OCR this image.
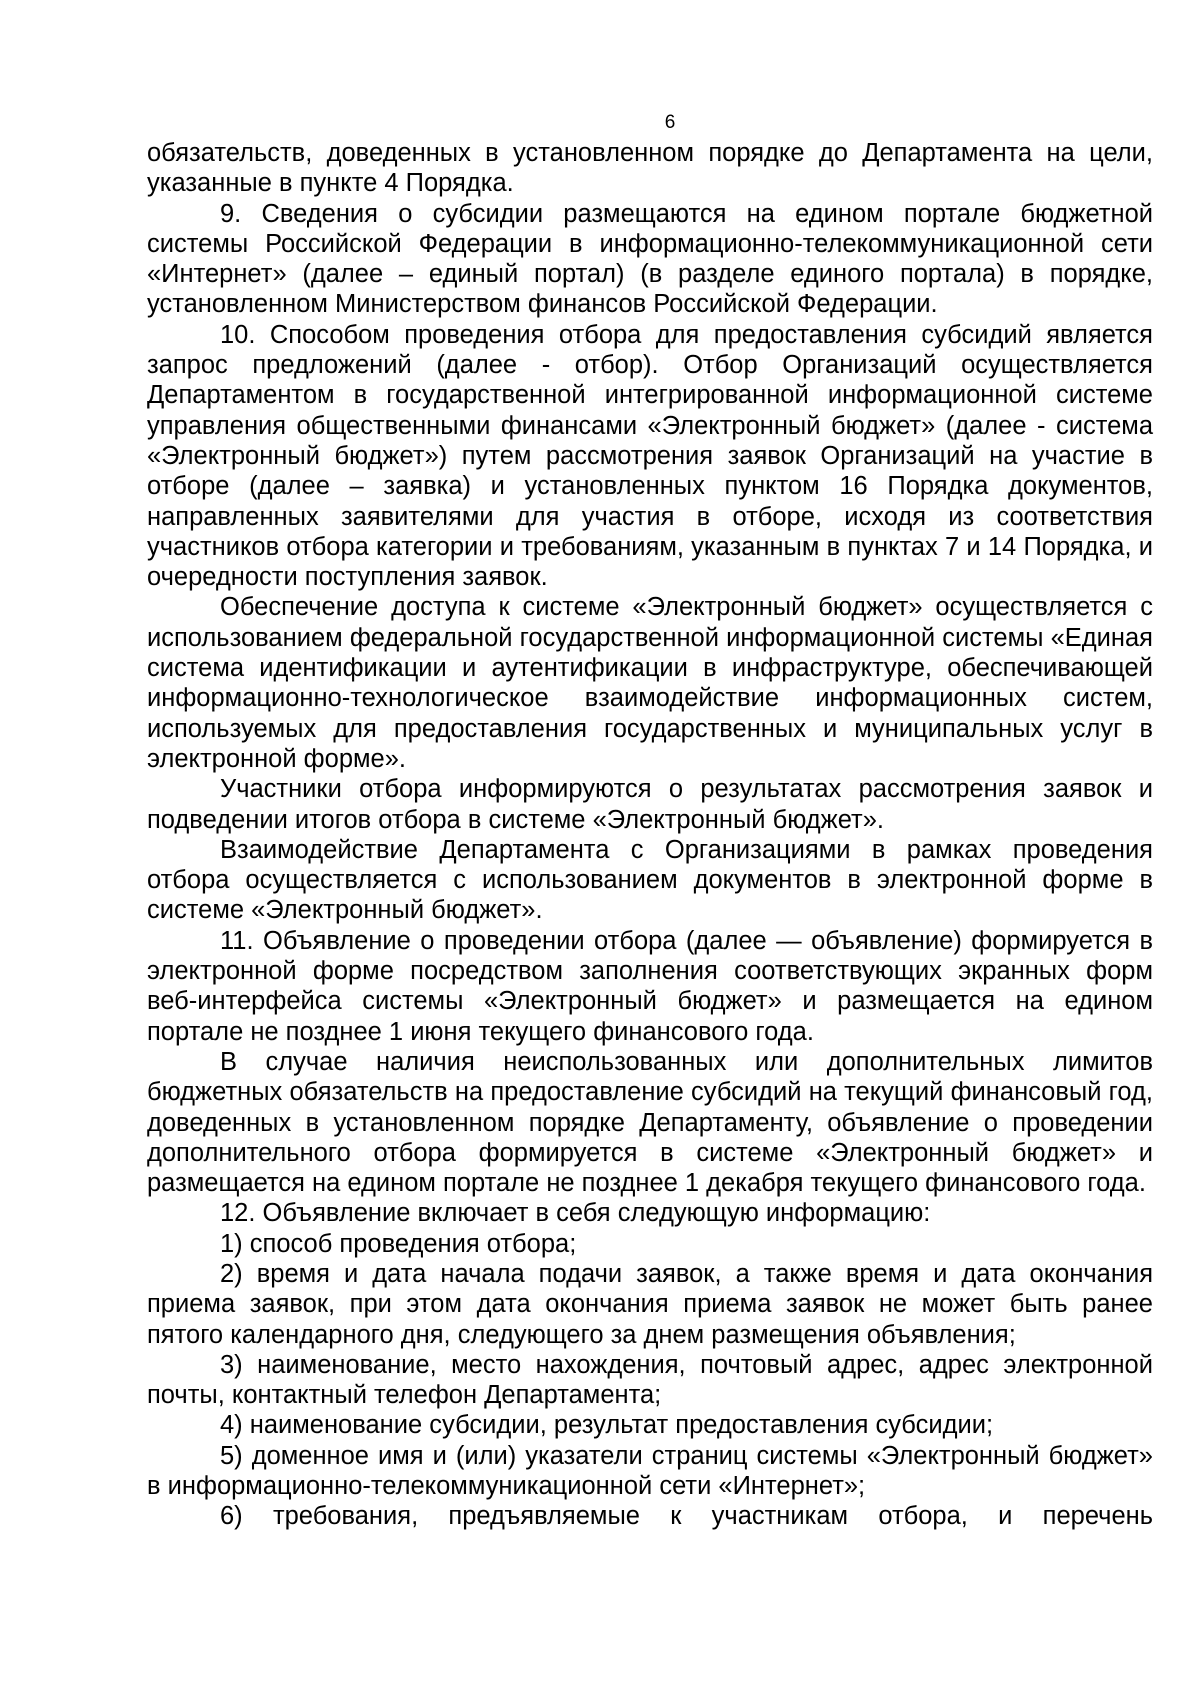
6

обязательств, доведенных в установленном порядке до Департамента на цели, указанные в пункте 4 Порядка.

9. Сведения о субсидии размещаются на едином портале бюджетной системы Российской Федерации в информационно-телекоммуникационной сети «Интернет» (далее – единый портал) (в разделе единого портала) в порядке, установленном Министерством финансов Российской Федерации.

10. Способом проведения отбора для предоставления субсидий является запрос предложений (далее - отбор). Отбор Организаций осуществляется Департаментом в государственной интегрированной информационной системе управления общественными финансами «Электронный бюджет» (далее - система «Электронный бюджет») путем рассмотрения заявок Организаций на участие в отборе (далее – заявка) и установленных пунктом 16 Порядка документов, направленных заявителями для участия в отборе, исходя из соответствия участников отбора категории и требованиям, указанным в пунктах 7 и 14 Порядка, и очередности поступления заявок.

Обеспечение доступа к системе «Электронный бюджет» осуществляется с использованием федеральной государственной информационной системы «Единая система идентификации и аутентификации в инфраструктуре, обеспечивающей информационно-технологическое взаимодействие информационных систем, используемых для предоставления государственных и муниципальных услуг в электронной форме».

Участники отбора информируются о результатах рассмотрения заявок и подведении итогов отбора в системе «Электронный бюджет».

Взаимодействие Департамента с Организациями в рамках проведения отбора осуществляется с использованием документов в электронной форме в системе «Электронный бюджет».

11. Объявление о проведении отбора (далее — объявление) формируется в электронной форме посредством заполнения соответствующих экранных форм веб-интерфейса системы «Электронный бюджет» и размещается на едином портале не позднее 1 июня текущего финансового года.

В случае наличия неиспользованных или дополнительных лимитов бюджетных обязательств на предоставление субсидий на текущий финансовый год, доведенных в установленном порядке Департаменту, объявление о проведении дополнительного отбора формируется в системе «Электронный бюджет» и размещается на едином портале не позднее 1 декабря текущего финансового года.

12. Объявление включает в себя следующую информацию:

1) способ проведения отбора;

2) время и дата начала подачи заявок, а также время и дата окончания приема заявок, при этом дата окончания приема заявок не может быть ранее пятого календарного дня, следующего за днем размещения объявления;

3) наименование, место нахождения, почтовый адрес, адрес электронной почты, контактный телефон Департамента;

4) наименование субсидии, результат предоставления субсидии;

5) доменное имя и (или) указатели страниц системы «Электронный бюджет» в информационно-телекоммуникационной сети «Интернет»;

6) требования, предъявляемые к участникам отбора, и перечень
